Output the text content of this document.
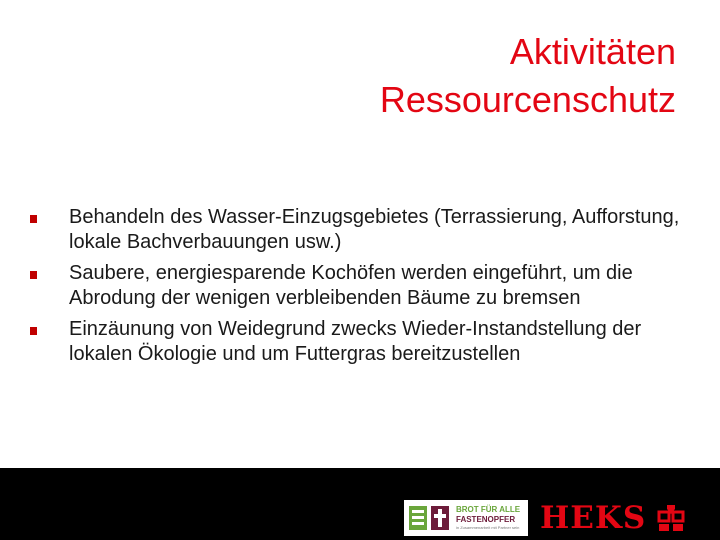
Aktivitäten
Ressourcenschutz
Behandeln des Wasser-Einzugsgebietes (Terrassierung, Aufforstung, lokale Bachverbauungen usw.)
Saubere, energiesparende Kochöfen werden eingeführt, um die Abrodung der wenigen verbleibenden Bäume zu bremsen
Einzäunung von Weidegrund zwecks Wieder-Instandstellung der lokalen Ökologie und um Futtergras bereitzustellen
BROT FÜR ALLE
FASTENOPFER
in Zusammenarbeit mit Partner sein HEKS
